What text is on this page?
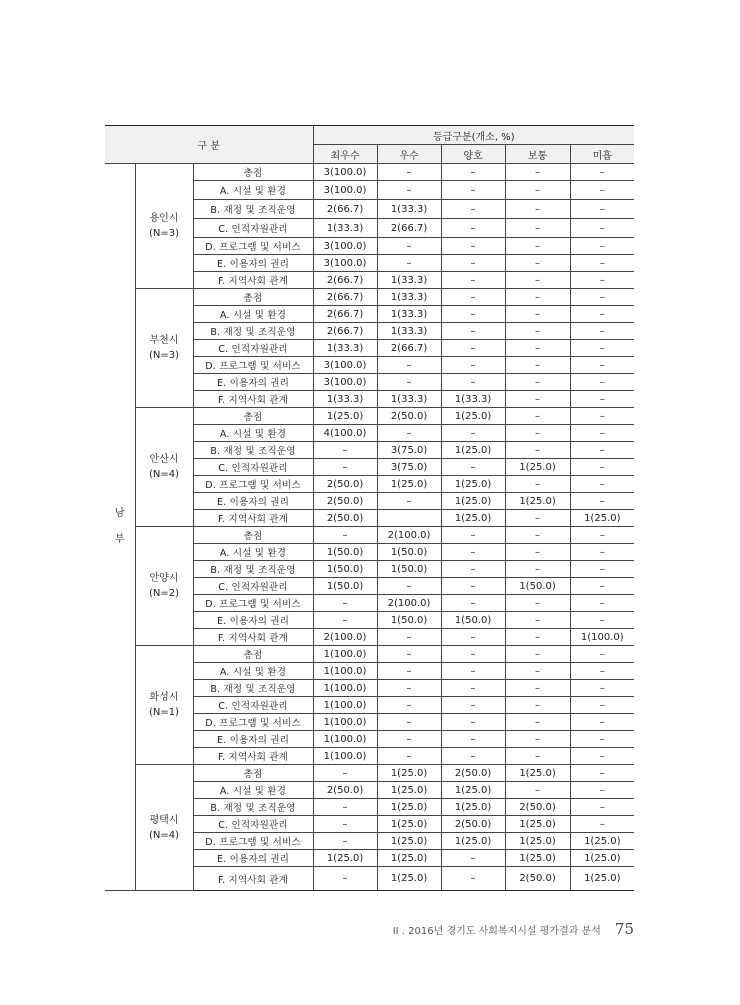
구 분			등급구분(개소, %)				
			최우수	우수	양호	보통	미흡
남
부	용인시
(N=3)	총점	3(100.0)	–	–	–	–
		A. 시설 및 환경	3(100.0)	–	–	–	–
		B. 재정 및 조직운영	2(66.7)	1(33.3)	–	–	–
		C. 인적자원관리	1(33.3)	2(66.7)	–	–	–
		D. 프로그램 및 서비스	3(100.0)	–	–	–	–
		E. 이용자의 권리	3(100.0)	–	–	–	–
		F. 지역사회 관계	2(66.7)	1(33.3)	–	–	–
	부천시
(N=3)	총점	2(66.7)	1(33.3)	–	–	–
		A. 시설 및 환경	2(66.7)	1(33.3)	–	–	–
		B. 재정 및 조직운영	2(66.7)	1(33.3)	–	–	–
		C. 인적자원관리	1(33.3)	2(66.7)	–	–	–
		D. 프로그램 및 서비스	3(100.0)	–	–	–	–
		E. 이용자의 권리	3(100.0)	–	–	–	–
		F. 지역사회 관계	1(33.3)	1(33.3)	1(33.3)	–	–
	안산시
(N=4)	총점	1(25.0)	2(50.0)	1(25.0)	–	–
		A. 시설 및 환경	4(100.0)	–	–	–	–
		B. 재정 및 조직운영	–	3(75.0)	1(25.0)	–	–
		C. 인적자원관리	–	3(75.0)	–	1(25.0)	–
		D. 프로그램 및 서비스	2(50.0)	1(25.0)	1(25.0)	–	–
		E. 이용자의 권리	2(50.0)	–	1(25.0)	1(25.0)	–
		F. 지역사회 관계	2(50.0)		1(25.0)	–	1(25.0)
	안양시
(N=2)	총점	–	2(100.0)	–	–	–
		A. 시설 및 환경	1(50.0)	1(50.0)	–	–	–
		B. 재정 및 조직운영	1(50.0)	1(50.0)	–	–	–
		C. 인적자원관리	1(50.0)	–	–	1(50.0)	–
		D. 프로그램 및 서비스	–	2(100.0)	–	–	–
		E. 이용자의 권리	–	1(50.0)	1(50.0)	–	–
		F. 지역사회 관계	2(100.0)	–	–	–	1(100.0)
	화성시
(N=1)	총점	1(100.0)	–	–	–	–
		A. 시설 및 환경	1(100.0)	–	–	–	–
		B. 재정 및 조직운영	1(100.0)	–	–	–	–
		C. 인적자원관리	1(100.0)	–	–	–	–
		D. 프로그램 및 서비스	1(100.0)	–	–	–	–
		E. 이용자의 권리	1(100.0)	–	–	–	–
		F. 지역사회 관계	1(100.0)	–	–	–	–
	평택시
(N=4)	총점	–	1(25.0)	2(50.0)	1(25.0)	–
		A. 시설 및 환경	2(50.0)	1(25.0)	1(25.0)	–	–
		B. 재정 및 조직운영	–	1(25.0)	1(25.0)	2(50.0)	–
		C. 인적자원관리	–	1(25.0)	2(50.0)	1(25.0)	–
		D. 프로그램 및 서비스	–	1(25.0)	1(25.0)	1(25.0)	1(25.0)
		E. 이용자의 권리	1(25.0)	1(25.0)	–	1(25.0)	1(25.0)
		F. 지역사회 관계	–	1(25.0)	–	2(50.0)	1(25.0)
II . 2016년 경기도 사회복지시설 평가결과 분석 75
